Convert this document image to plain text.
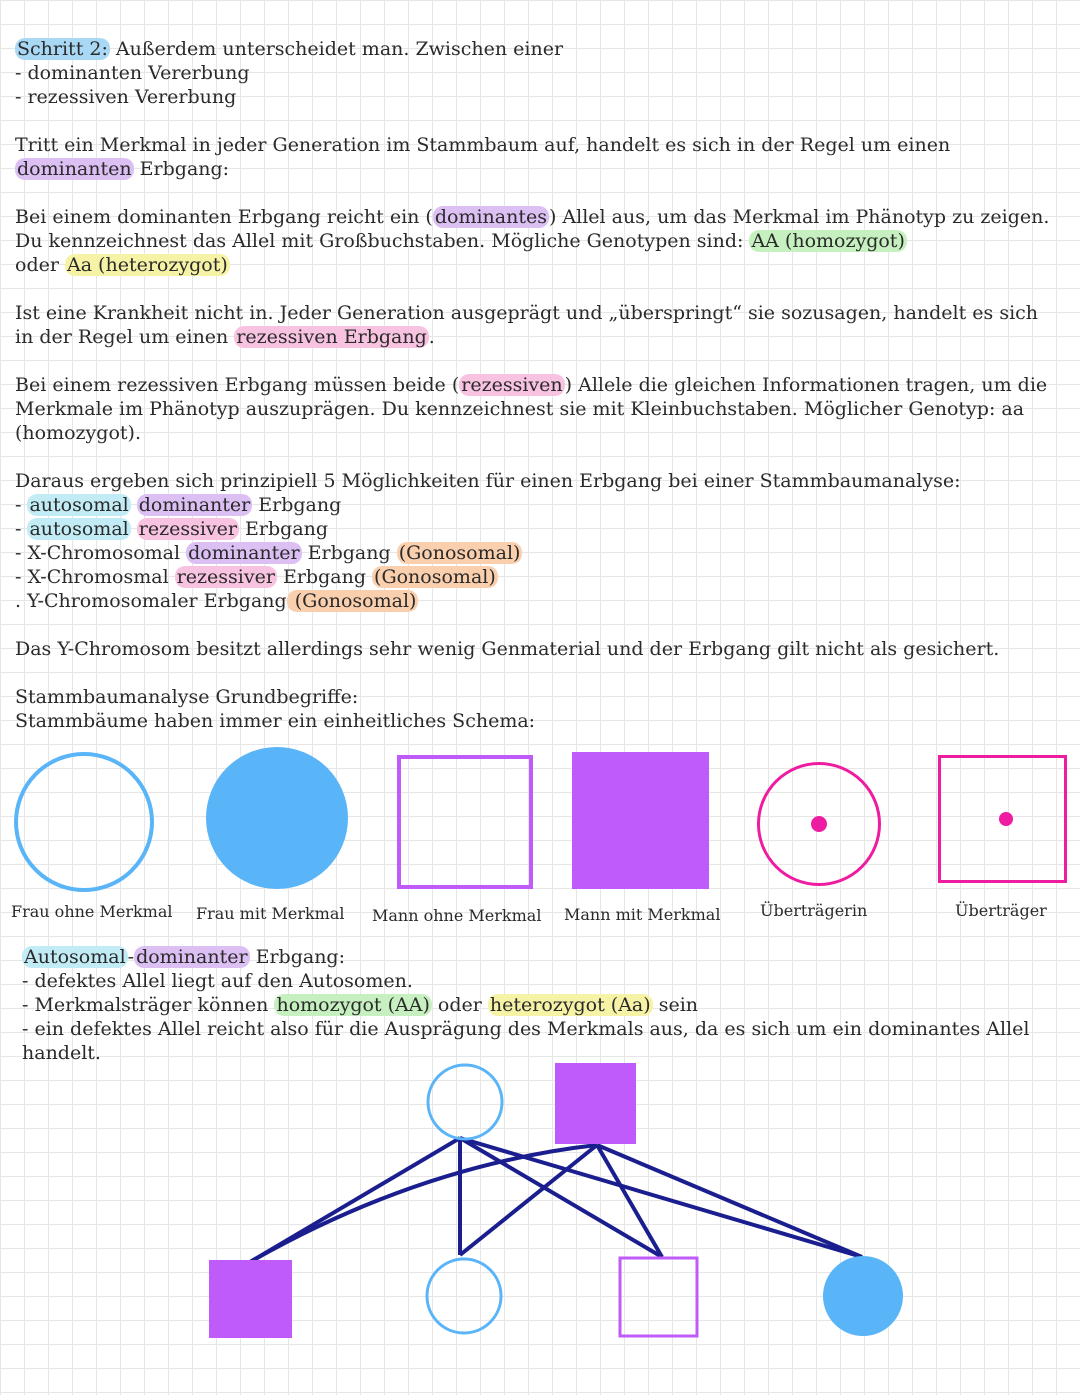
Schritt 2: Außerdem unterscheidet man. Zwischen einer
- dominanten Vererbung
- rezessiven Vererbung
Tritt ein Merkmal in jeder Generation im Stammbaum auf, handelt es sich in der Regel um einen
dominanten Erbgang:
Bei einem dominanten Erbgang reicht ein ( dominantes ) Allel aus, um das Merkmal im Phänotyp zu zeigen. Du kennzeichnest das Allel mit Großbuchstaben. Mögliche Genotypen sind: AA (homozygot)
oder Aa (heterozygot)
Ist eine Krankheit nicht in. Jeder Generation ausgeprägt und „überspringt“ sie sozusagen, handelt es sich in der Regel um einen rezessiven Erbgang .
Bei einem rezessiven Erbgang müssen beide ( rezessiven ) Allele die gleichen Informationen tragen, um die Merkmale im Phänotyp auszuprägen. Du kennzeichnest sie mit Kleinbuchstaben. Möglicher Genotyp: aa (homozygot).
Daraus ergeben sich prinzipiell 5 Möglichkeiten für einen Erbgang bei einer Stammbaumanalyse:
- autosomal dominanter Erbgang
- autosomal rezessiver Erbgang
- X-Chromosomal dominanter Erbgang (Gonosomal)
- X-Chromosmal rezessiver Erbgang (Gonosomal)
. Y-Chromosomaler Erbgang (Gonosomal)
Das Y-Chromosom besitzt allerdings sehr wenig Genmaterial und der Erbgang gilt nicht als gesichert.
Stammbaumanalyse Grundbegriffe:
Stammbäume haben immer ein einheitliches Schema:
Frau ohne Merkmal Frau mit Merkmal Mann ohne Merkmal Mann mit Merkmal Überträgerin	Überträger
Autosomal - dominanter Erbgang:
- defektes Allel liegt auf den Autosomen.
- Merkmalsträger können homozygot (AA) oder heterozygot (Aa) sein
- ein defektes Allel reicht also für die Ausprägung des Merkmals aus, da es sich um ein dominantes Allel handelt.
